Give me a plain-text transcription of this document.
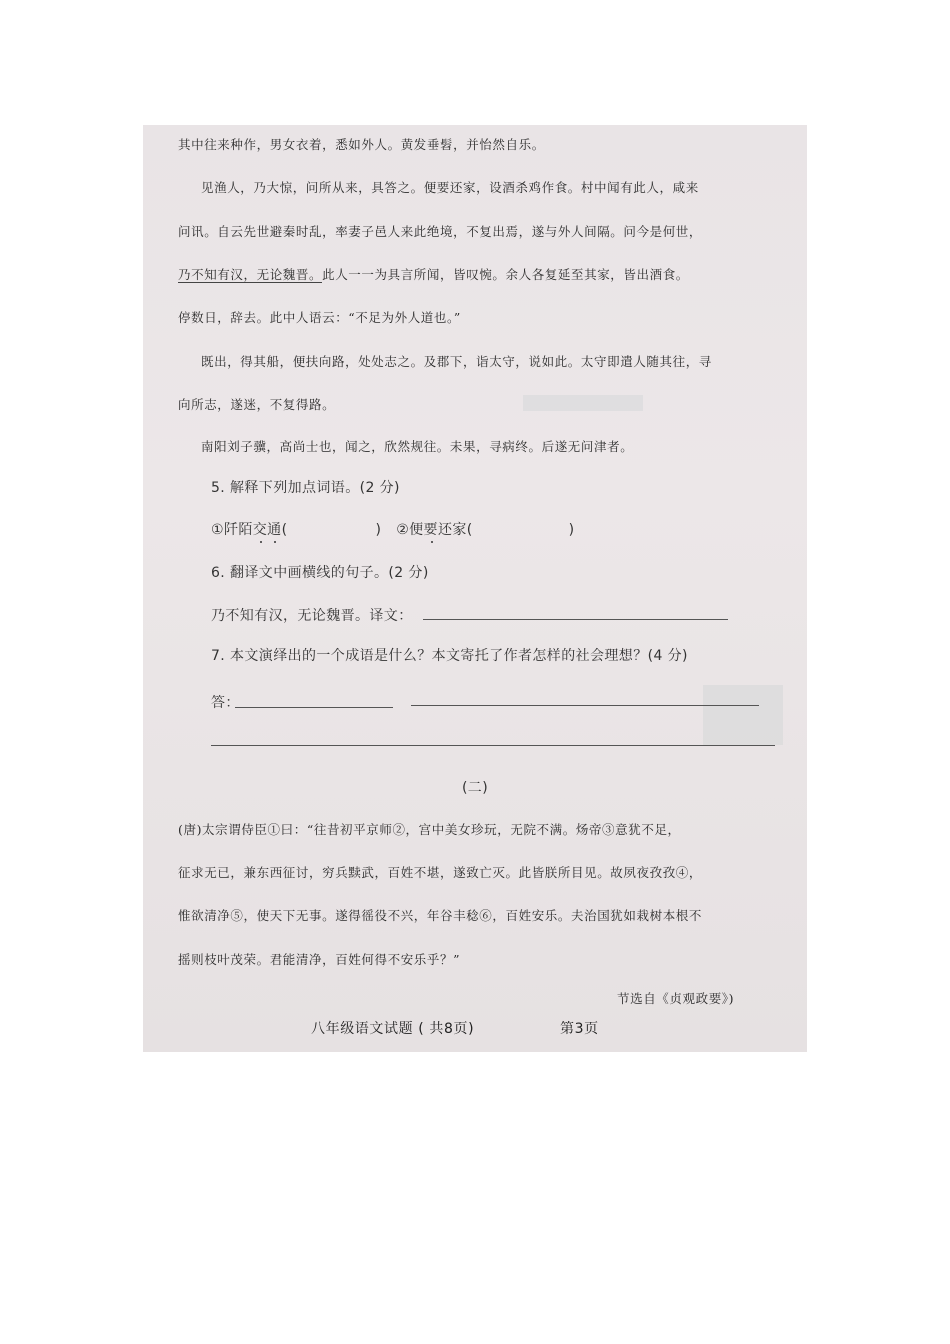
其中往来种作，男女衣着，悉如外人。黄发垂髫，并怡然自乐。
见渔人，乃大惊，问所从来，具答之。便要还家，设酒杀鸡作食。村中闻有此人，咸来
问讯。自云先世避秦时乱，率妻子邑人来此绝境，不复出焉，遂与外人间隔。问今是何世，
乃不知有汉，无论魏晋。此人一一为具言所闻，皆叹惋。余人各复延至其家，皆出酒食。
停数日，辞去。此中人语云：“不足为外人道也。”
既出，得其船，便扶向路，处处志之。及郡下，诣太守，说如此。太守即遣人随其往，寻
向所志，遂迷，不复得路。
南阳刘子骥，高尚士也，闻之，欣然规往。未果，寻病终。后遂无问津者。
5. 解释下列加点词语。(2 分)
①阡陌交通(	) ②便要还家(	)
6. 翻译文中画横线的句子。(2 分)
乃不知有汉，无论魏晋。译文：
7. 本文演绎出的一个成语是什么？本文寄托了作者怎样的社会理想？(4 分)
答：
(二)
(唐)太宗谓侍臣①曰：“往昔初平京师②，宫中美女珍玩，无院不满。炀帝③意犹不足，
征求无已，兼东西征讨，穷兵黩武，百姓不堪，遂致亡灭。此皆朕所目见。故夙夜孜孜④，
惟欲清净⑤，使天下无事。遂得徭役不兴，年谷丰稔⑥，百姓安乐。夫治国犹如栽树本根不
摇则枝叶茂荣。君能清净，百姓何得不安乐乎？”
节选自《贞观政要》)
八年级语文试题 ( 共8页)	第3页
